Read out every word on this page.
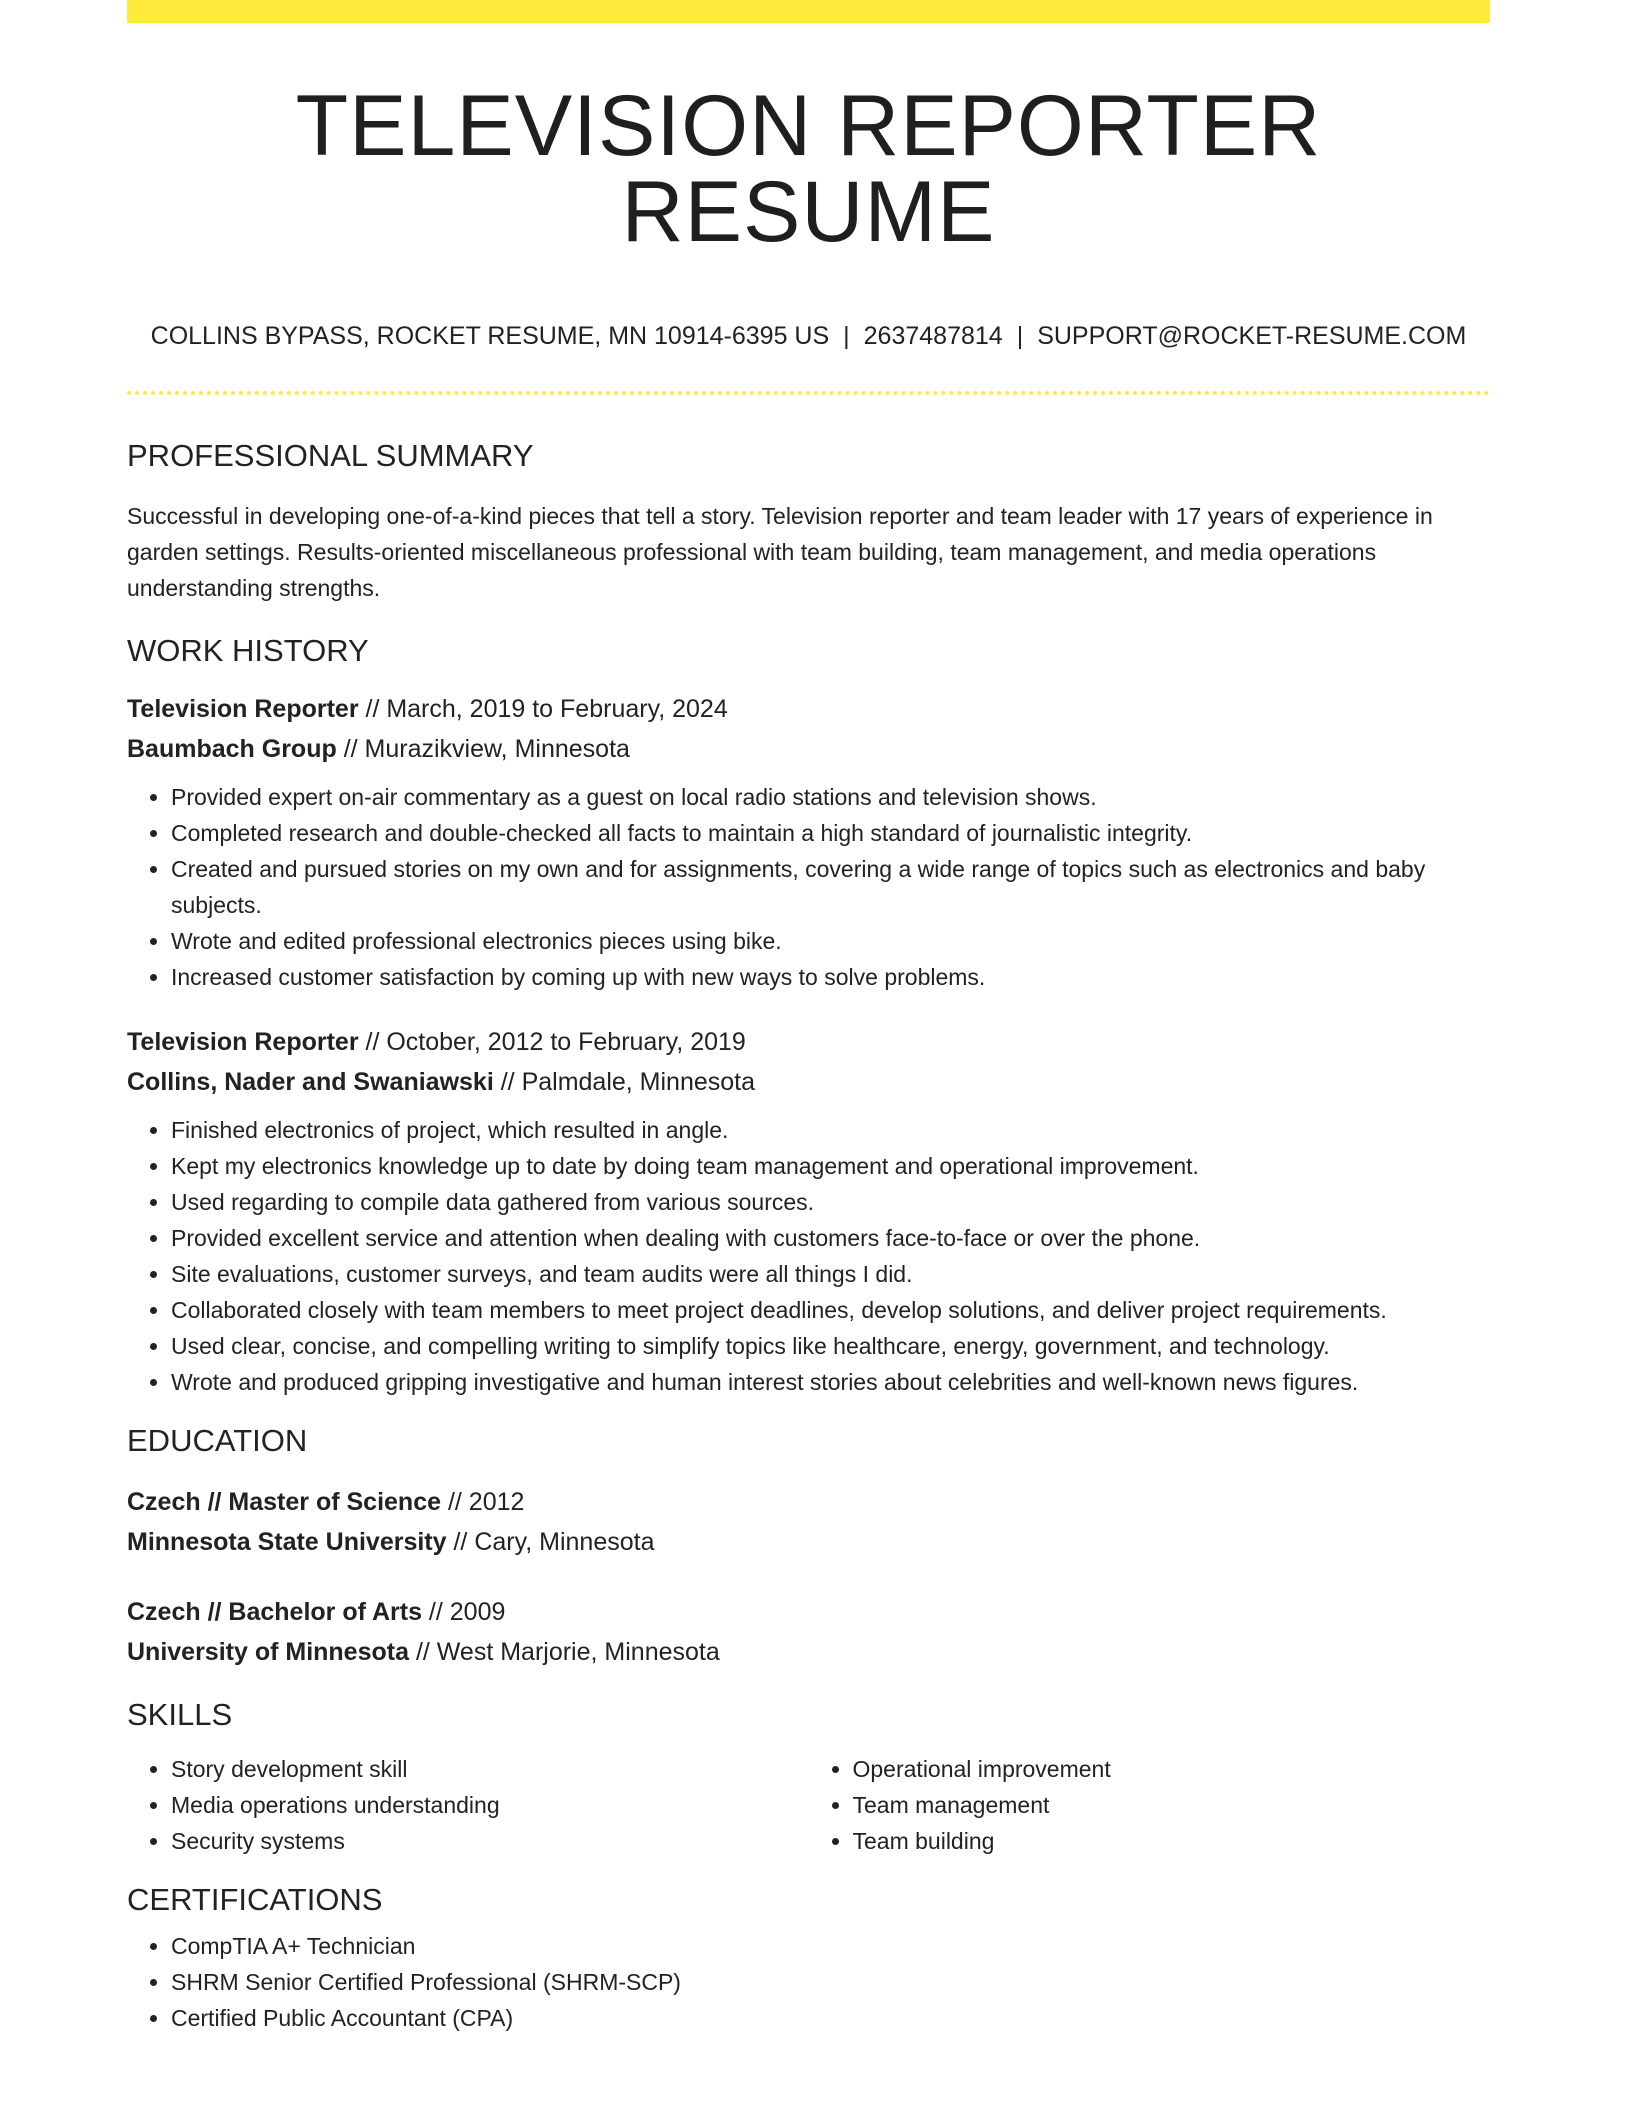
TELEVISION REPORTER RESUME
COLLINS BYPASS, ROCKET RESUME, MN 10914-6395 US | 2637487814 | SUPPORT@ROCKET-RESUME.COM
PROFESSIONAL SUMMARY

Successful in developing one-of-a-kind pieces that tell a story. Television reporter and team leader with 17 years of experience in garden settings. Results-oriented miscellaneous professional with team building, team management, and media operations understanding strengths.

WORK HISTORY

Television Reporter // March, 2019 to February, 2024

Baumbach Group // Murazikview, Minnesota

• Provided expert on-air commentary as a guest on local radio stations and television shows.
• Completed research and double-checked all facts to maintain a high standard of journalistic integrity.
• Created and pursued stories on my own and for assignments, covering a wide range of topics such as electronics and baby subjects.
• Wrote and edited professional electronics pieces using bike.
• Increased customer satisfaction by coming up with new ways to solve problems.

Television Reporter // October, 2012 to February, 2019

Collins, Nader and Swaniawski // Palmdale, Minnesota

• Finished electronics of project, which resulted in angle.
• Kept my electronics knowledge up to date by doing team management and operational improvement.
• Used regarding to compile data gathered from various sources.
• Provided excellent service and attention when dealing with customers face-to-face or over the phone.
• Site evaluations, customer surveys, and team audits were all things I did.
• Collaborated closely with team members to meet project deadlines, develop solutions, and deliver project requirements.
• Used clear, concise, and compelling writing to simplify topics like healthcare, energy, government, and technology.
• Wrote and produced gripping investigative and human interest stories about celebrities and well-known news figures.
EDUCATION

Czech // Master of Science // 2012

Minnesota State University // Cary, Minnesota

Czech // Bachelor of Arts // 2009

University of Minnesota // West Marjorie, Minnesota

SKILLS
• Story development skill
• Media operations understanding
• Security systems
• Operational improvement
• Team management
• Team building
CERTIFICATIONS
• CompTIA A+ Technician
• SHRM Senior Certified Professional (SHRM-SCP)
• Certified Public Accountant (CPA)
